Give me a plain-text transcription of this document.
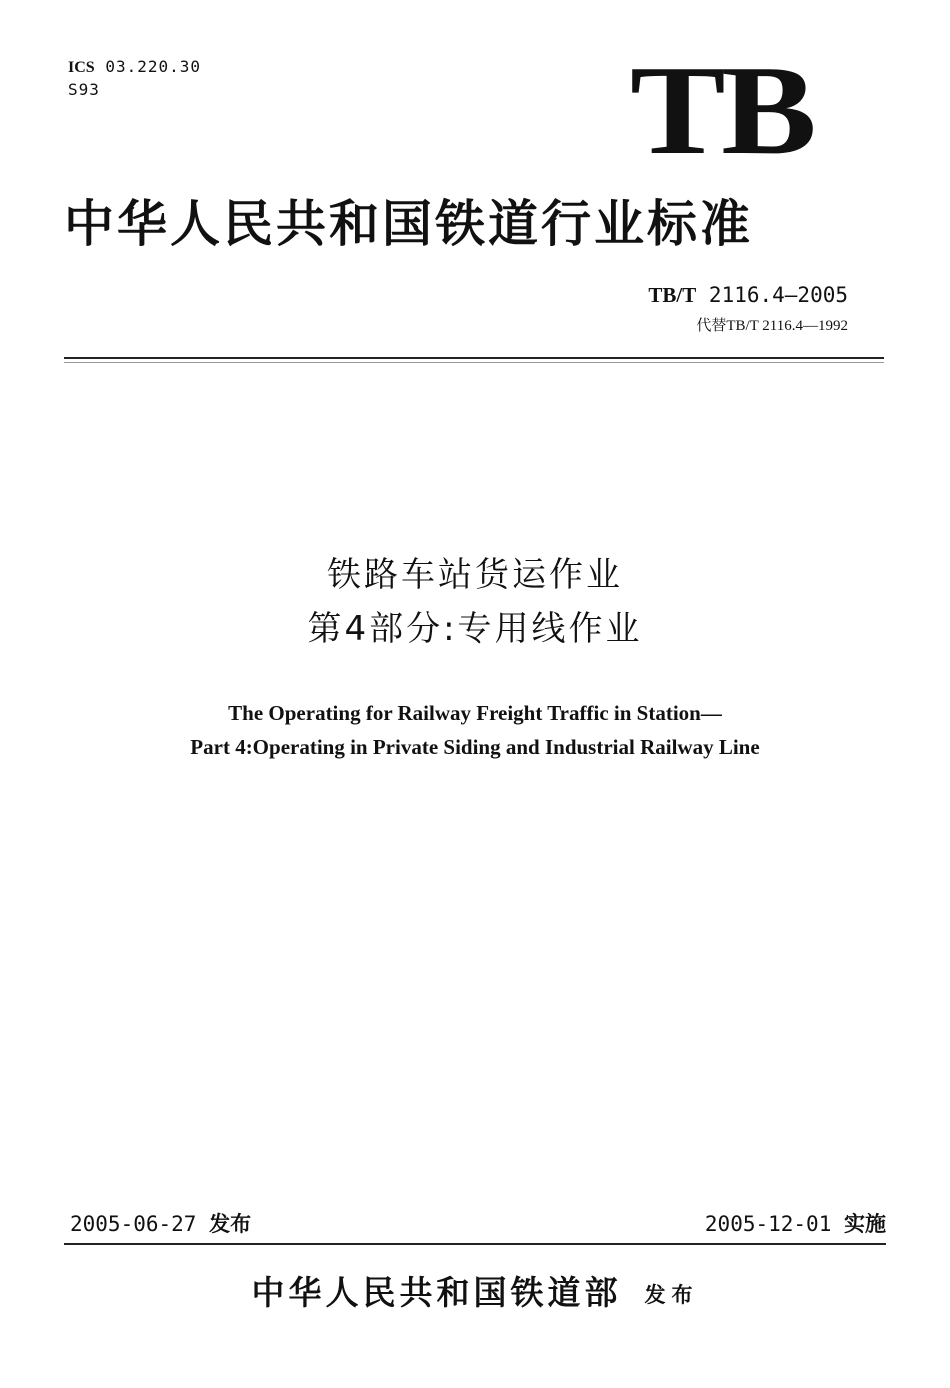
ICS 03.220.30
S93	TB
中华人民共和国铁道行业标准
TB/T 2116.4—2005
代替TB/T 2116.4—1992
铁路车站货运作业
第4部分:专用线作业
The Operating for Railway Freight Traffic in Station—
Part 4:Operating in Private Siding and Industrial Railway Line
2005-06-27 发布	2005-12-01 实施
中华人民共和国铁道部 发布
